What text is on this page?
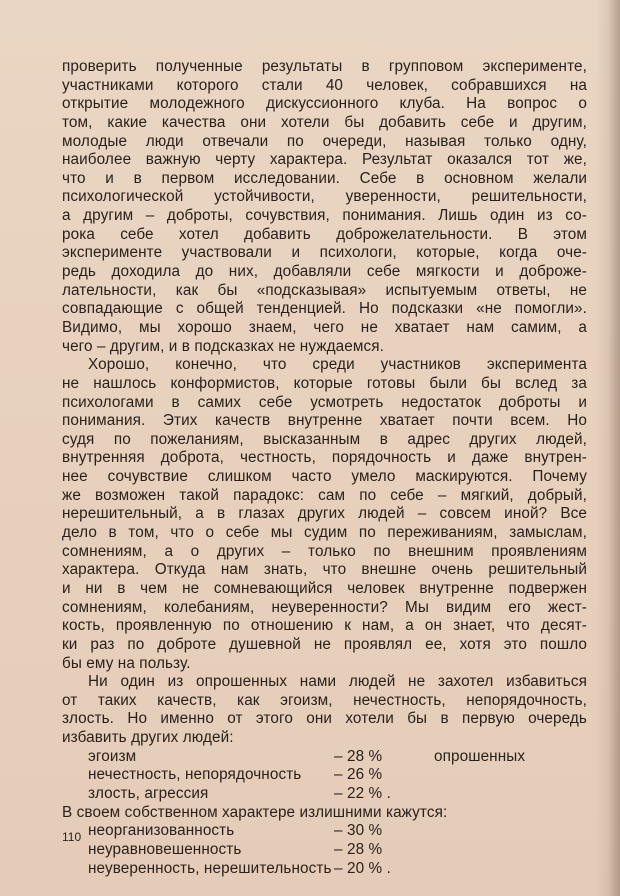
проверить полученные результаты в групповом эксперименте,
участниками которого стали 40 человек, собравшихся на
открытие молодежного дискуссионного клуба. На вопрос о
том, какие качества они хотели бы добавить себе и другим,
молодые люди отвечали по очереди, называя только одну,
наиболее важную черту характера. Результат оказался тот же,
что и в первом исследовании. Себе в основном желали
психологической устойчивости, уверенности, решительности,
а другим – доброты, сочувствия, понимания. Лишь один из со-
рока себе хотел добавить доброжелательности. В этом
эксперименте участвовали и психологи, которые, когда оче-
редь доходила до них, добавляли себе мягкости и доброже-
лательности, как бы «подсказывая» испытуемым ответы, не
совпадающие с общей тенденцией. Но подсказки «не помогли».
Видимо, мы хорошо знаем, чего не хватает нам самим, а
чего – другим, и в подсказках не нуждаемся.
Хорошо, конечно, что среди участников эксперимента
не нашлось конформистов, которые готовы были бы вслед за
психологами в самих себе усмотреть недостаток доброты и
понимания. Этих качеств внутренне хватает почти всем. Но
судя по пожеланиям, высказанным в адрес других людей,
внутренняя доброта, честность, порядочность и даже внутрен-
нее сочувствие слишком часто умело маскируются. Почему
же возможен такой парадокс: сам по себе – мягкий, добрый,
нерешительный, а в глазах других людей – совсем иной? Все
дело в том, что о себе мы судим по переживаниям, замыслам,
сомнениям, а о других – только по внешним проявлениям
характера. Откуда нам знать, что внешне очень решительный
и ни в чем не сомневающийся человек внутренне подвержен
сомнениям, колебаниям, неуверенности? Мы видим его жест-
кость, проявленную по отношению к нам, а он знает, что десят-
ки раз по доброте душевной не проявлял ее, хотя это пошло
бы ему на пользу.
Ни один из опрошенных нами людей не захотел избавиться
от таких качеств, как эгоизм, нечестность, непорядочность,
злость. Но именно от этого они хотели бы в первую очередь
избавить других людей:
эгоизм	– 28 %	опрошенных
нечестность, непорядочность	– 26 %
злость, агрессия	– 22 % .
В своем собственном характере излишними кажутся:
неорганизованность	– 30 %
неуравновешенность	– 28 %
неуверенность, нерешительность – 20 % .
110
